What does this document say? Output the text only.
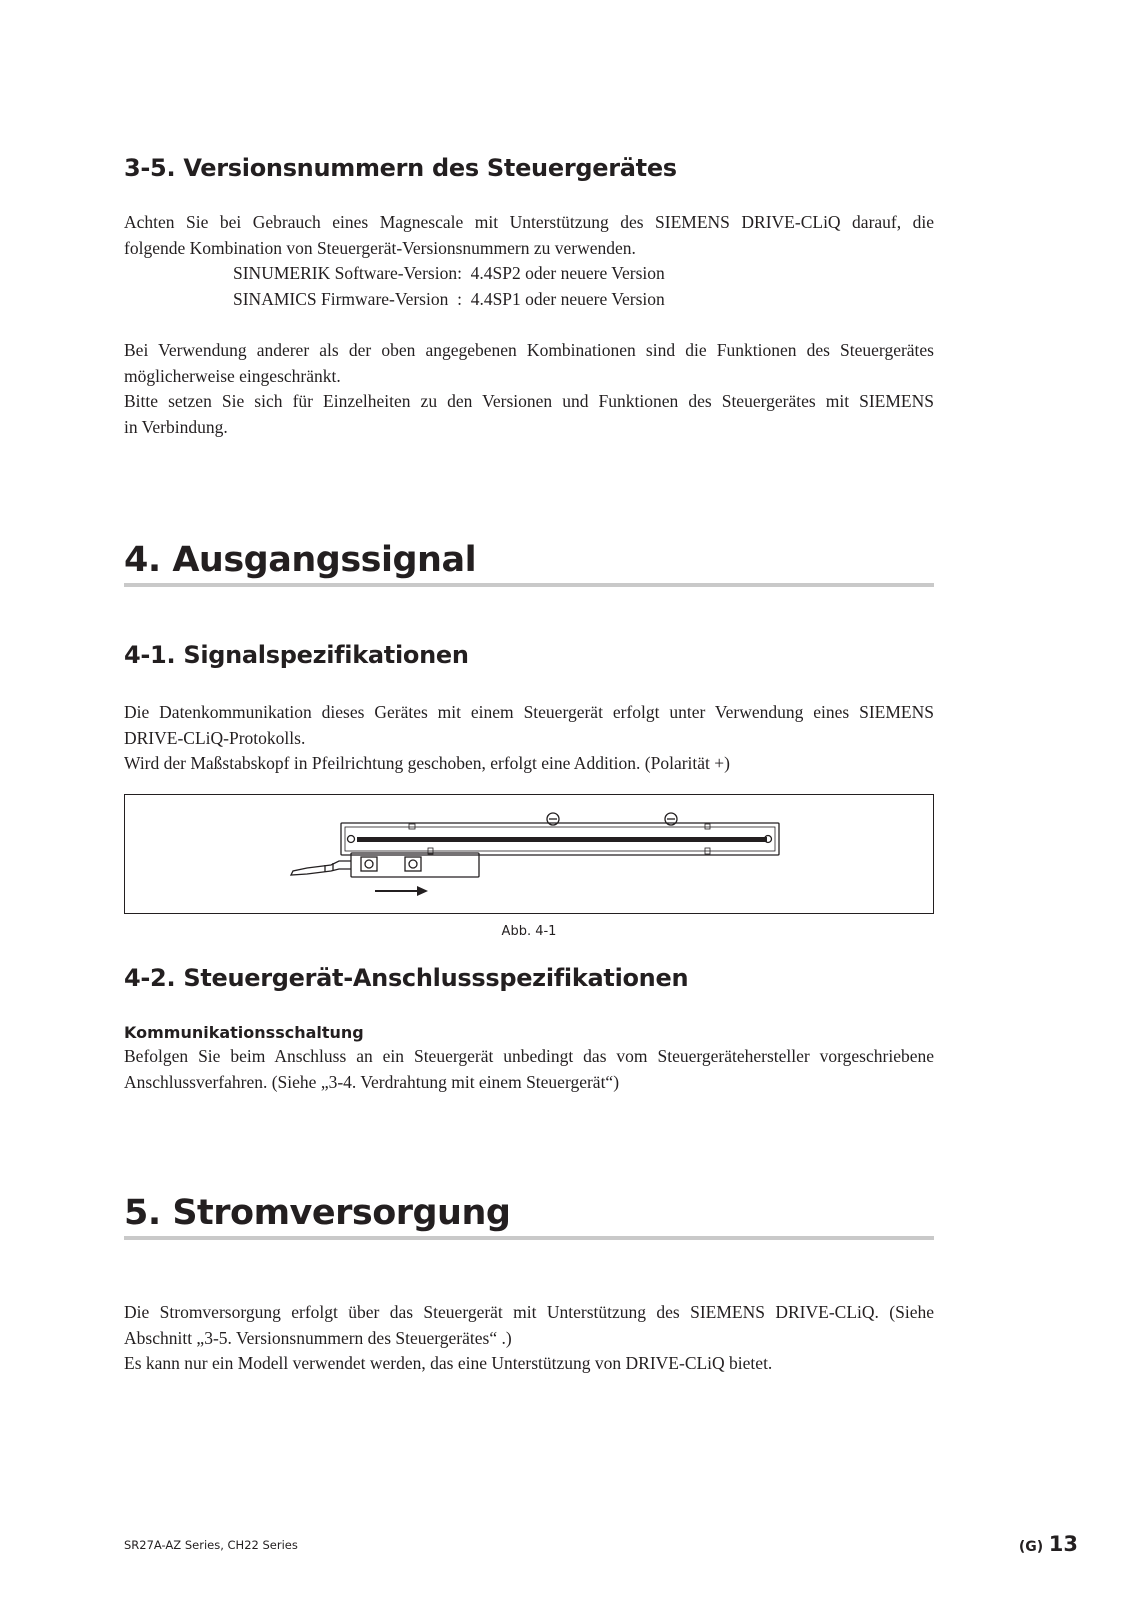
3-5. Versionsnummern des Steuergerätes
Achten Sie bei Gebrauch eines Magnescale mit Unterstützung des SIEMENS DRIVE-CLiQ darauf, die
folgende Kombination von Steuergerät-Versionsnummern zu verwenden.
SINUMERIK Software-Version:  4.4SP2 oder neuere Version
SINAMICS Firmware-Version  :  4.4SP1 oder neuere Version
Bei Verwendung anderer als der oben angegebenen Kombinationen sind die Funktionen des Steuergerätes
möglicherweise eingeschränkt.
Bitte setzen Sie sich für Einzelheiten zu den Versionen und Funktionen des Steuergerätes mit SIEMENS
in Verbindung.
4. Ausgangssignal
4-1. Signalspezifikationen
Die Datenkommunikation dieses Gerätes mit einem Steuergerät erfolgt unter Verwendung eines SIEMENS
DRIVE-CLiQ-Protokolls.
Wird der Maßstabskopf in Pfeilrichtung geschoben, erfolgt eine Addition. (Polarität +)
Abb. 4-1
4-2. Steuergerät-Anschlussspezifikationen
Kommunikationsschaltung
Befolgen Sie beim Anschluss an ein Steuergerät unbedingt das vom Steuergerätehersteller vorgeschriebene
Anschlussverfahren. (Siehe „3-4. Verdrahtung mit einem Steuergerät“)
5. Stromversorgung
Die Stromversorgung erfolgt über das Steuergerät mit Unterstützung des SIEMENS DRIVE-CLiQ. (Siehe
Abschnitt „3-5. Versionsnummern des Steuergerätes“ .)
Es kann nur ein Modell verwendet werden, das eine Unterstützung von DRIVE-CLiQ bietet.
SR27A-AZ Series, CH22 Series	(G) 13
